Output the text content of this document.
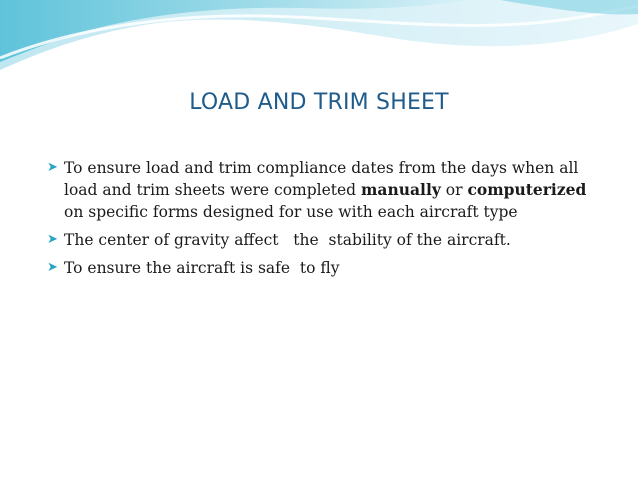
LOAD AND TRIM SHEET
➤ To ensure load and trim compliance dates from the days when all load and trim sheets were completed manually or computerized on specific forms designed for use with each aircraft type
➤ The center of gravity affect   the  stability of the aircraft.
➤ To ensure the aircraft is safe  to fly
